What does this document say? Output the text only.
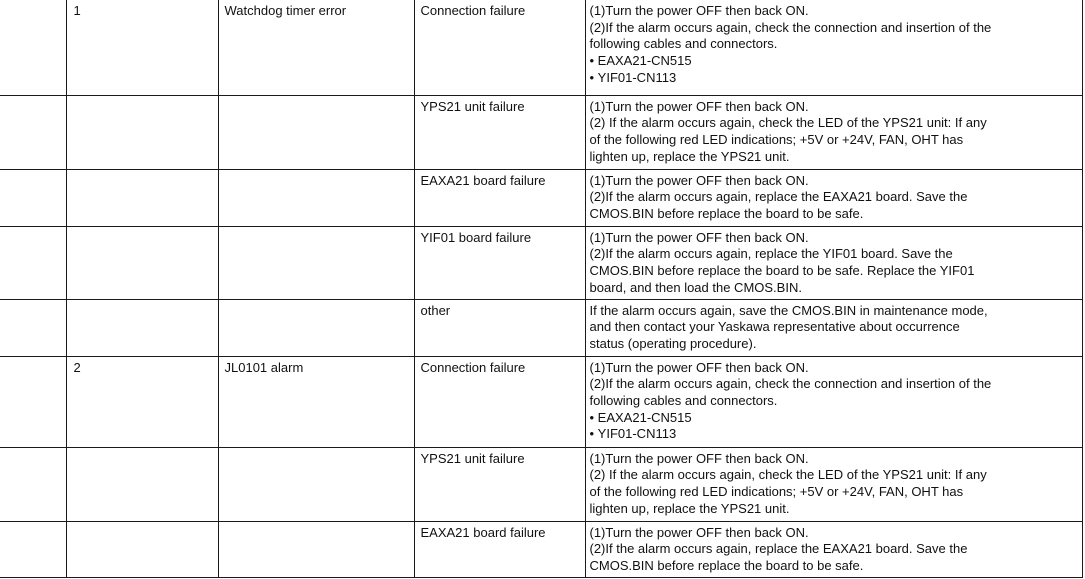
	1	Watchdog timer error	Connection failure	(1)Turn the power OFF then back ON.
(2)If the alarm occurs again, check the connection and insertion of the
following cables and connectors.
• EAXA21-CN515
• YIF01-CN113

			YPS21 unit failure	(1)Turn the power OFF then back ON.
(2) If the alarm occurs again, check the LED of the YPS21 unit: If any
of the following red LED indications; +5V or +24V, FAN, OHT has
lighten up, replace the YPS21 unit.

			EAXA21 board failure	(1)Turn the power OFF then back ON.
(2)If the alarm occurs again, replace the EAXA21 board. Save the
CMOS.BIN before replace the board to be safe.

			YIF01 board failure	(1)Turn the power OFF then back ON.
(2)If the alarm occurs again, replace the YIF01 board. Save the
CMOS.BIN before replace the board to be safe. Replace the YIF01
board, and then load the CMOS.BIN.

			other	If the alarm occurs again, save the CMOS.BIN in maintenance mode,
and then contact your Yaskawa representative about occurrence
status (operating procedure).

	2	JL0101 alarm	Connection failure	(1)Turn the power OFF then back ON.
(2)If the alarm occurs again, check the connection and insertion of the
following cables and connectors.
• EAXA21-CN515
• YIF01-CN113

			YPS21 unit failure	(1)Turn the power OFF then back ON.
(2) If the alarm occurs again, check the LED of the YPS21 unit: If any
of the following red LED indications; +5V or +24V, FAN, OHT has
lighten up, replace the YPS21 unit.

			EAXA21 board failure	(1)Turn the power OFF then back ON.
(2)If the alarm occurs again, replace the EAXA21 board. Save the
CMOS.BIN before replace the board to be safe.
